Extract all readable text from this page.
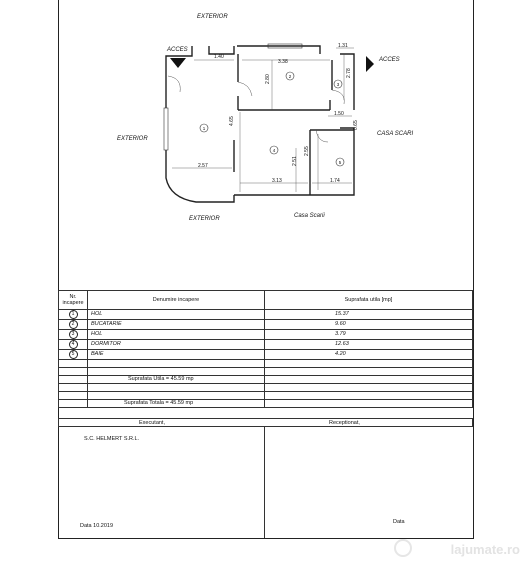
1
2
3
4
5
1.40
3.38
1.31
2.80
2.78
1.50
0.65
4.65
2.55
2.51
2.57
3.13	1.74
EXTERIOR
ACCES
ACCES
EXTERIOR
CASA SCARI
EXTERIOR	Casa Scarii
Nr. incapere	Denumire incapere	Suprafata utila [mp]
1	HOL	15.37
2	BUCATARIE	9.60
3	HOL	3.79
4	DORMITOR	12.63
5	BAIE	4.20

	Suprafata Utila = 45.59 mp	

	Suprafata Totala = 45.59 mp	
Executant,	Receptionat,
S.C. HELMERT S.R.L.
Data 10.2019
Data
lajumate.ro
